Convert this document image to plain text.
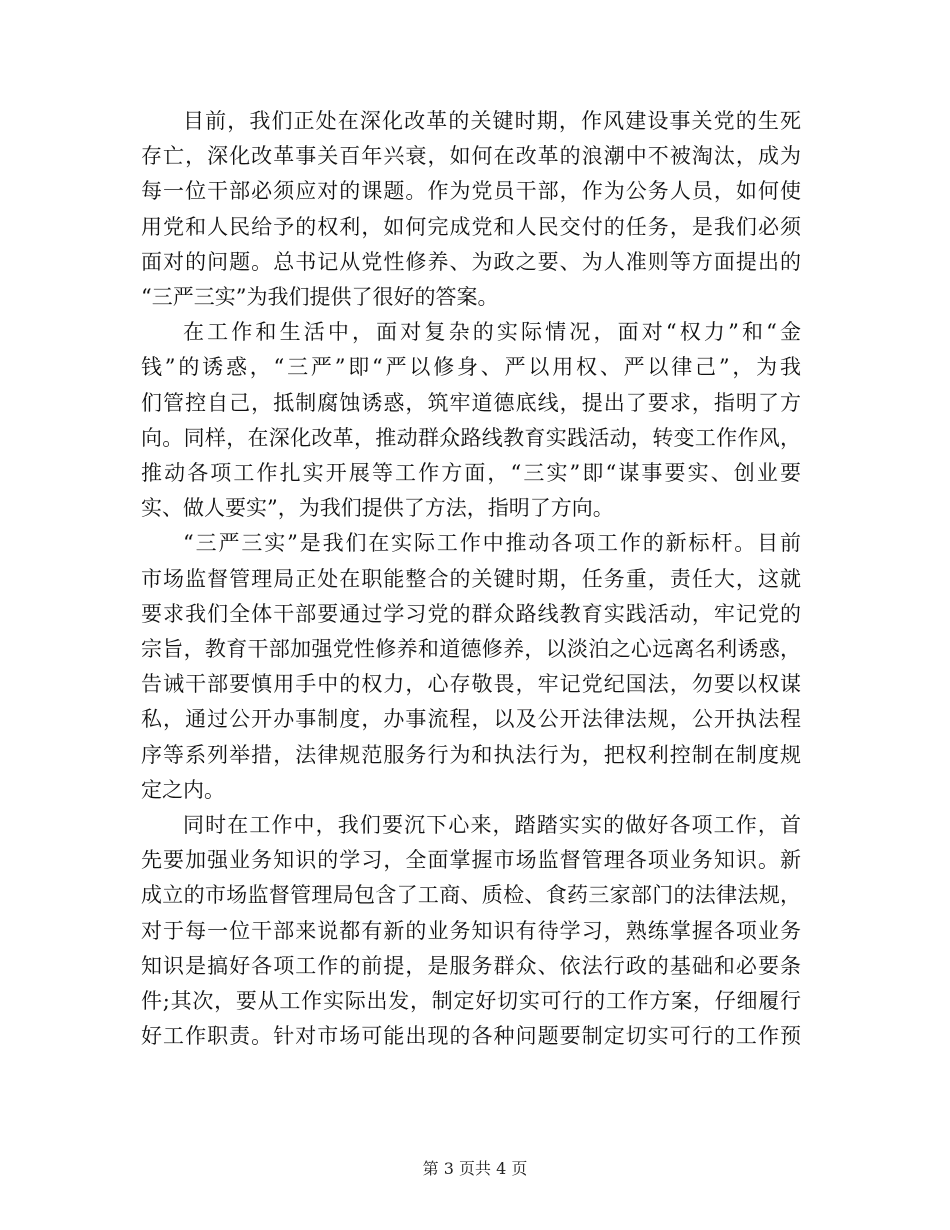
目前，我们正处在深化改革的关键时期，作风建设事关党的生死
存亡，深化改革事关百年兴衰，如何在改革的浪潮中不被淘汰，成为
每一位干部必须应对的课题。作为党员干部，作为公务人员，如何使
用党和人民给予的权利，如何完成党和人民交付的任务，是我们必须
面对的问题。总书记从党性修养、为政之要、为人准则等方面提出的
“三严三实”为我们提供了很好的答案。
在工作和生活中，面对复杂的实际情况，面对“权力”和“金
钱”的诱惑，“三严”即“严以修身、严以用权、严以律己”，为我
们管控自己，抵制腐蚀诱惑，筑牢道德底线，提出了要求，指明了方
向。同样，在深化改革，推动群众路线教育实践活动，转变工作作风，
推动各项工作扎实开展等工作方面，“三实”即“谋事要实、创业要
实、做人要实”，为我们提供了方法，指明了方向。
“三严三实”是我们在实际工作中推动各项工作的新标杆。目前
市场监督管理局正处在职能整合的关键时期，任务重，责任大，这就
要求我们全体干部要通过学习党的群众路线教育实践活动，牢记党的
宗旨，教育干部加强党性修养和道德修养，以淡泊之心远离名利诱惑，
告诫干部要慎用手中的权力，心存敬畏，牢记党纪国法，勿要以权谋
私，通过公开办事制度，办事流程，以及公开法律法规，公开执法程
序等系列举措，法律规范服务行为和执法行为，把权利控制在制度规
定之内。
同时在工作中，我们要沉下心来，踏踏实实的做好各项工作，首
先要加强业务知识的学习，全面掌握市场监督管理各项业务知识。新
成立的市场监督管理局包含了工商、质检、食药三家部门的法律法规，
对于每一位干部来说都有新的业务知识有待学习，熟练掌握各项业务
知识是搞好各项工作的前提，是服务群众、依法行政的基础和必要条
件;其次，要从工作实际出发，制定好切实可行的工作方案，仔细履行
好工作职责。针对市场可能出现的各种问题要制定切实可行的工作预
第 3 页共 4 页
